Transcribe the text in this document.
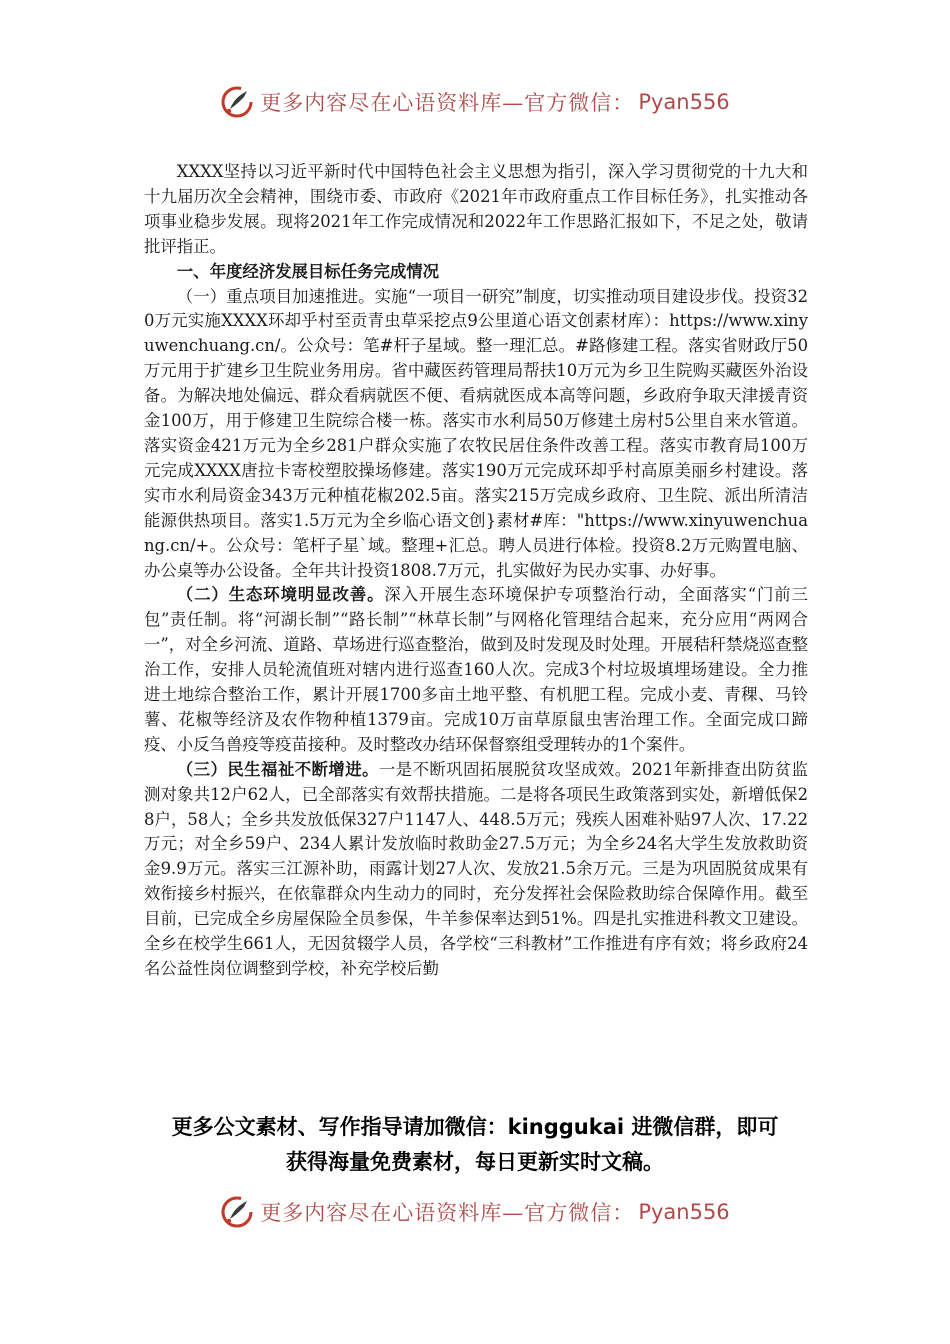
更多内容尽在心语资料库—官方微信： Pyan556

XXXX坚持以习近平新时代中国特色社会主义思想为指引，深入学习贯彻党的十九大和十九届历次全会精神，围绕市委、市政府《2021年市政府重点工作目标任务》，扎实推动各项事业稳步发展。现将2021年工作完成情况和2022年工作思路汇报如下，不足之处，敬请批评指正。

一、年度经济发展目标任务完成情况

（一）重点项目加速推进。实施“一项目一研究”制度，切实推动项目建设步伐。投资320万元实施XXXX环却乎村至贡青虫草采挖点9公里道心语文创素材库）：https://www.xinyuwenchuang.cn/。公众号：笔#杆子星域。整一理汇总。#路修建工程。落实省财政厅50万元用于扩建乡卫生院业务用房。省中藏医药管理局帮扶10万元为乡卫生院购买藏医外治设备。为解决地处偏远、群众看病就医不便、看病就医成本高等问题，乡政府争取天津援青资金100万，用于修建卫生院综合楼一栋。落实市水利局50万修建土房村5公里自来水管道。落实资金421万元为全乡281户群众实施了农牧民居住条件改善工程。落实市教育局100万元完成XXXX唐拉卡寄校塑胶操场修建。落实190万元完成环却乎村高原美丽乡村建设。落实市水利局资金343万元种植花椒202.5亩。落实215万完成乡政府、卫生院、派出所清洁能源供热项目。落实1.5万元为全乡临心语文创}素材#库："https://www.xinyuwenchuang.cn/+。公众号：笔杆子星`域。整理+汇总。聘人员进行体检。投资8.2万元购置电脑、办公桌等办公设备。全年共计投资1808.7万元，扎实做好为民办实事、办好事。

（二）生态环境明显改善。深入开展生态环境保护专项整治行动，全面落实“门前三包”责任制。将“河湖长制”“路长制”“林草长制”与网格化管理结合起来，充分应用“两网合一”，对全乡河流、道路、草场进行巡查整治，做到及时发现及时处理。开展秸秆禁烧巡查整治工作，安排人员轮流值班对辖内进行巡查160人次。完成3个村垃圾填埋场建设。全力推进土地综合整治工作，累计开展1700多亩土地平整、有机肥工程。完成小麦、青稞、马铃薯、花椒等经济及农作物种植1379亩。完成10万亩草原鼠虫害治理工作。全面完成口蹄疫、小反刍兽疫等疫苗接种。及时整改办结环保督察组受理转办的1个案件。

（三）民生福祉不断增进。一是不断巩固拓展脱贫攻坚成效。2021年新排查出防贫监测对象共12户62人，已全部落实有效帮扶措施。二是将各项民生政策落到实处，新增低保28户，58人；全乡共发放低保327户1147人、448.5万元；残疾人困难补贴97人次、17.22万元；对全乡59户、234人累计发放临时救助金27.5万元；为全乡24名大学生发放救助资金9.9万元。落实三江源补助，雨露计划27人次、发放21.5余万元。三是为巩固脱贫成果有效衔接乡村振兴，在依靠群众内生动力的同时，充分发挥社会保险救助综合保障作用。截至目前，已完成全乡房屋保险全员参保，牛羊参保率达到51%。四是扎实推进科教文卫建设。全乡在校学生661人，无因贫辍学人员，各学校“三科教材”工作推进有序有效；将乡政府24名公益性岗位调整到学校，补充学校后勤

更多公文素材、写作指导请加微信：kinggukai 进微信群，即可
获得海量免费素材，每日更新实时文稿。
更多内容尽在心语资料库—官方微信： Pyan556
